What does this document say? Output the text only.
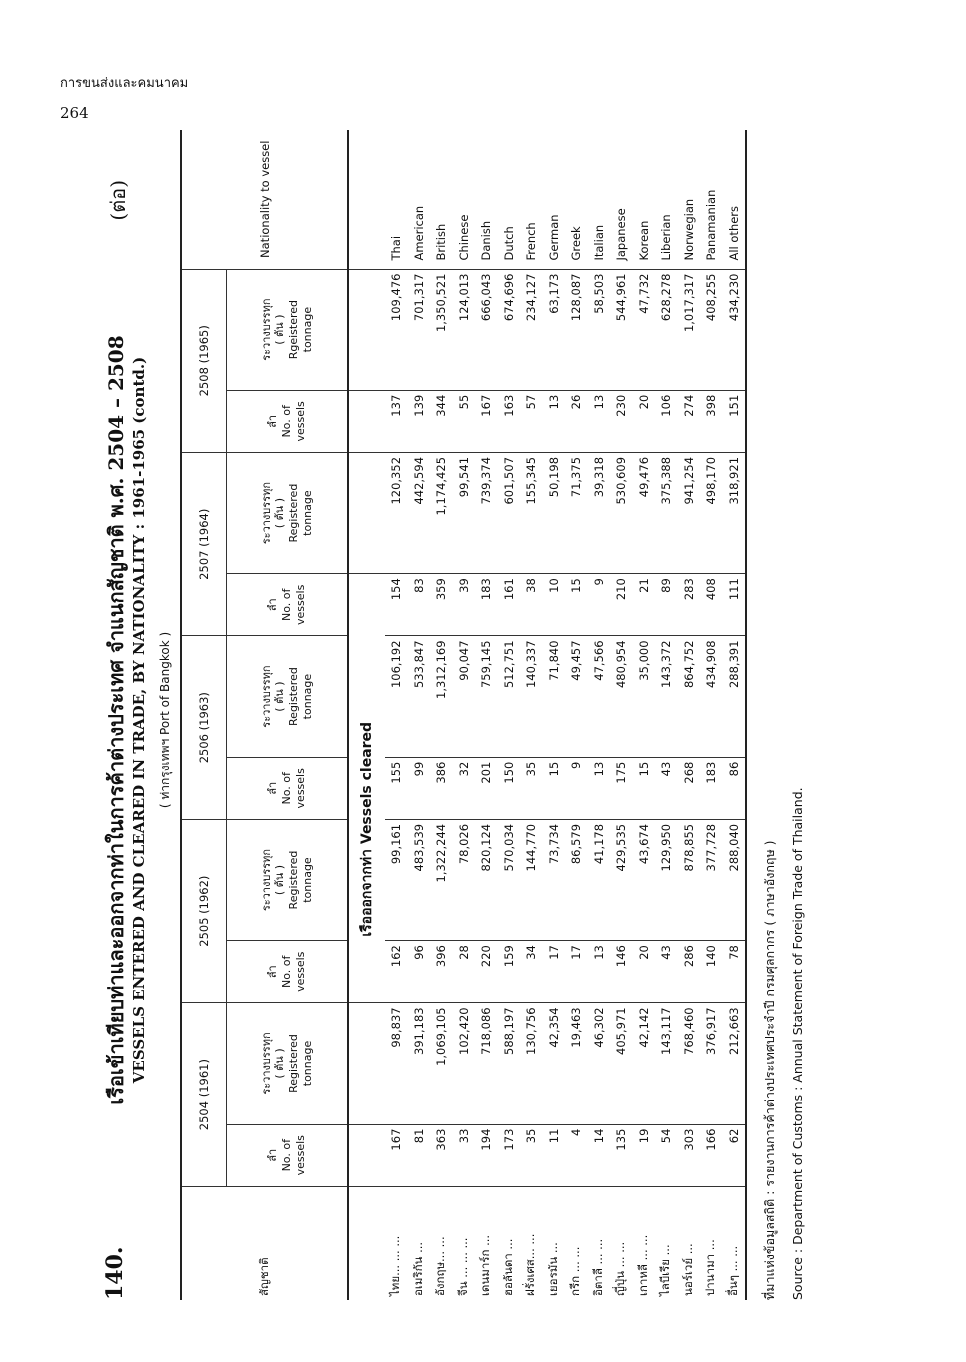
การขนส่งและคมนาคม
264
140.
เรือเข้าเทียบท่าและออกจากท่าในการค้าต่างประเทศ จำแนกสัญชาติ พ.ศ. 2504 – 2508
(ต่อ)
VESSELS ENTERED AND CLEARED IN TRADE, BY NATIONALITY : 1961-1965 (contd.) ( ท่ากรุงเทพฯ Port of Bangkok )
สัญชาติ	2504 (1961)		2505 (1962)		2506 (1963)		2507 (1964)		2508 (1965)		Nationality to vessel
	ลำ
No. of
vessels	ระวางบรรทุก
( ตัน )
Registered
tonnage	ลำ
No. of
vessels	ระวางบรรทุก
( ตัน )
Registered
tonnage	ลำ
No. of
vessels	ระวางบรรทุก
( ตัน )
Registered
tonnage	ลำ
No. of
vessels	ระวางบรรทุก
( ตัน )
Registered
tonnage	ลำ
No. of
vessels	ระวางบรรทุก
( ตัน )
Rgeistered
tonnage	
				เรือออกจากท่า Vessels cleared							
ไทย... ... ...	167	98,837	162	99,161	155	106,192	154	120,352	137	109,476	Thai
อเมริกัน ...	81	391,183	96	483,539	99	533,847	83	442,594	139	701,317	American
อังกฤษ... ...	363	1,069,105	396	1,322,244	386	1,312,169	359	1,174,425	344	1,350,521	British
จีน ... ... ...	33	102,420	28	78,026	32	90,047	39	99,541	55	124,013	Chinese
เดนมาร์ก ...	194	718,086	220	820,124	201	759,145	183	739,374	167	666,043	Danish
ฮอลันดา ...	173	588,197	159	570,034	150	512,751	161	601,507	163	674,696	Dutch
ฝรั่งเศส... ...	35	130,756	34	144,770	35	140,337	38	155,345	57	234,127	French
เยอรมัน ...	11	42,354	17	73,734	15	71,840	10	50,198	13	63,173	German
กรีก ... ...	4	19,463	17	86,579	9	49,457	15	71,375	26	128,087	Greek
อิตาลี ... ...	14	46,302	13	41,178	13	47,566	9	39,318	13	58,503	Italian
ญี่ปุ่น ... ...	135	405,971	146	429,535	175	480,954	210	530,609	230	544,961	Japanese
เกาหลี ... ...	19	42,142	20	43,674	15	35,000	21	49,476	20	47,732	Korean
ไลบีเรีย ...	54	143,117	43	129,950	43	143,372	89	375,388	106	628,278	Liberian
นอร์เวย์ ...	303	768,460	286	878,855	268	864,752	283	941,254	274	1,017,317	Norwegian
ปานามา ...	166	376,917	140	377,728	183	434,908	408	498,170	398	408,255	Panamanian
อื่นๆ ... ...	62	212,663	78	288,040	86	288,391	111	318,921	151	434,230	All others
ที่มาแห่งข้อมูลสถิติ : รายงานการค้าต่างประเทศประจำปี กรมศุลกากร ( ภาษาอังกฤษ ) Source : Department of Customs : Annual Statement of Foreign Trade of Thailand.
